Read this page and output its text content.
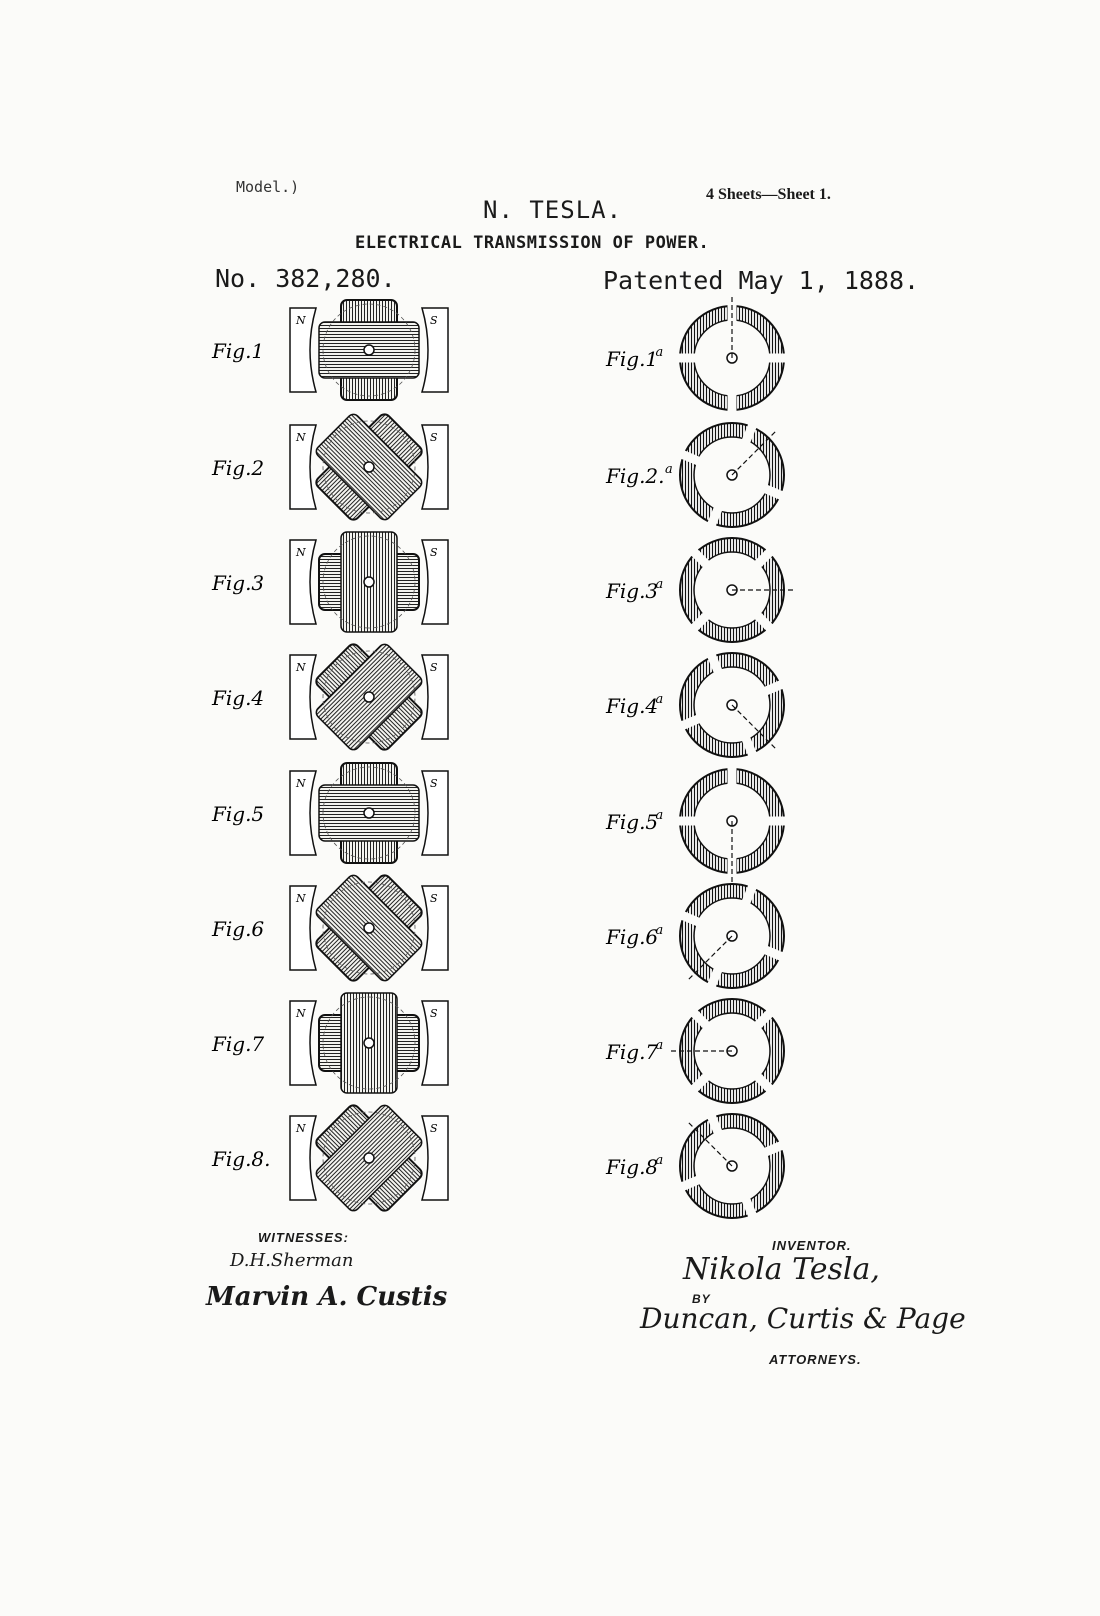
Model.)	4 Sheets—Sheet 1.
N. TESLA.
ELECTRICAL TRANSMISSION OF POWER.
No. 382,280.	Patented May 1, 1888.
Fig.1
N	S
Fig.2
N	S
Fig.3
N	S
Fig.4
N	S
Fig.5
N	S
Fig.6
N	S
Fig.7
N	S
Fig.8.
N	S
Fig.1
a
Fig.2. a
Fig.3
a
Fig.4
a
Fig.5
a
Fig.6
a
Fig.7
a
Fig.8
a
WITNESSES:
D.H.Sherman
Marvin A. Custis
INVENTOR.
Nikola Tesla,
BY
Duncan, Curtis & Page
ATTORNEYS.
